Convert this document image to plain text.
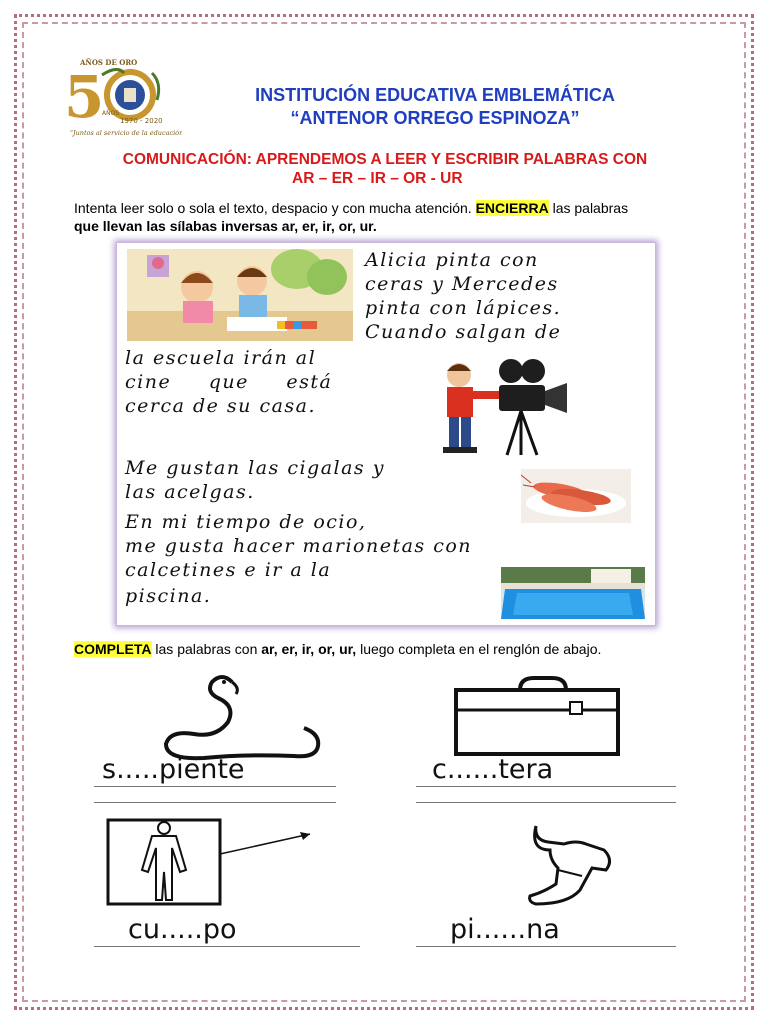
AÑOS DE ORO
5
AÑOS
1970 - 2020
"Juntos al servicio de la educación"
INSTITUCIÓN EDUCATIVA EMBLEMÁTICA
“ANTENOR ORREGO ESPINOZA”
COMUNICACIÓN: APRENDEMOS A LEER Y ESCRIBIR PALABRAS CON
AR – ER – IR – OR - UR
Intenta leer solo o sola el texto, despacio y con mucha atención. ENCIERRA las palabras
que llevan las sílabas inversas ar, er, ir, or, ur.
Alicia pinta con
ceras y Mercedes
pinta con lápices.
Cuando salgan de
la escuela irán al
cine que está
cerca de su casa.
Me gustan las cigalas y
las acelgas.
En mi tiempo de ocio,
me gusta hacer marionetas con
calcetines e ir a la
piscina.
COMPLETA las palabras con ar, er, ir, or, ur, luego completa en el renglón de abajo.
s.....piente	c......tera
cu.....po	pi......na
